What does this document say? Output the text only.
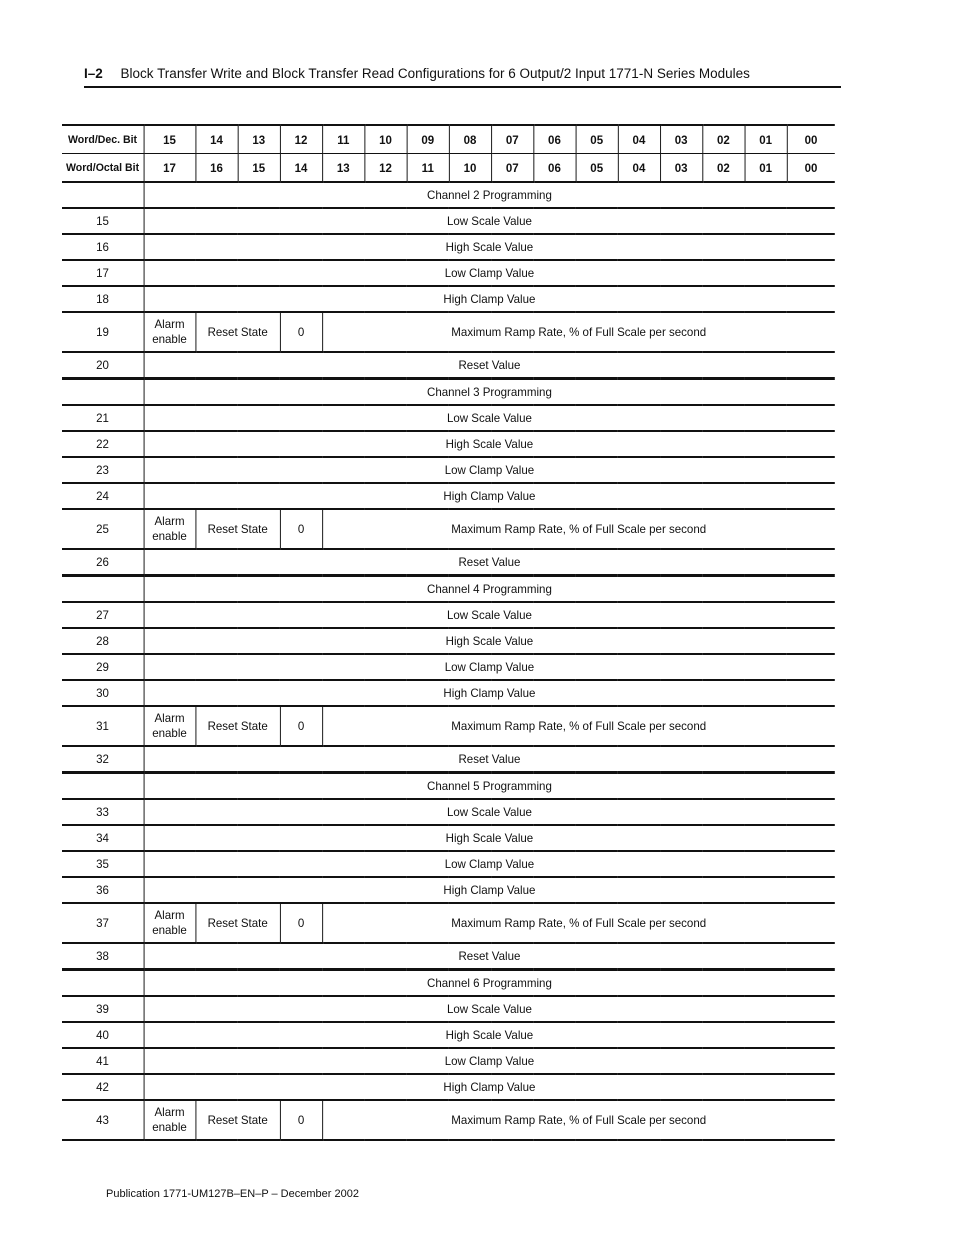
I–2 Block Transfer Write and Block Transfer Read Configurations for 6 Output/2 Input 1771-N Series Modules
Word/Dec. Bit	15	14	13	12	11	10	09	08	07	06	05	04	03	02	01	00
Word/Octal Bit	17	16	15	14	13	12	11	10	07	06	05	04	03	02	01	00
	Channel 2 Programming															
15	Low Scale Value															
16	High Scale Value															
17	Low Clamp Value															
18	High Clamp Value															
19	Alarm enable	Reset State		0	Maximum Ramp Rate, % of Full Scale per second											
20	Reset Value															
	Channel 3 Programming															
21	Low Scale Value															
22	High Scale Value															
23	Low Clamp Value															
24	High Clamp Value															
25	Alarm enable	Reset State		0	Maximum Ramp Rate, % of Full Scale per second											
26	Reset Value															
	Channel 4 Programming															
27	Low Scale Value															
28	High Scale Value															
29	Low Clamp Value															
30	High Clamp Value															
31	Alarm enable	Reset State		0	Maximum Ramp Rate, % of Full Scale per second											
32	Reset Value															
	Channel 5 Programming															
33	Low Scale Value															
34	High Scale Value															
35	Low Clamp Value															
36	High Clamp Value															
37	Alarm enable	Reset State		0	Maximum Ramp Rate, % of Full Scale per second											
38	Reset Value															
	Channel 6 Programming															
39	Low Scale Value															
40	High Scale Value															
41	Low Clamp Value															
42	High Clamp Value															
43	Alarm enable	Reset State		0	Maximum Ramp Rate, % of Full Scale per second											
Publication 1771-UM127B–EN–P – December 2002
